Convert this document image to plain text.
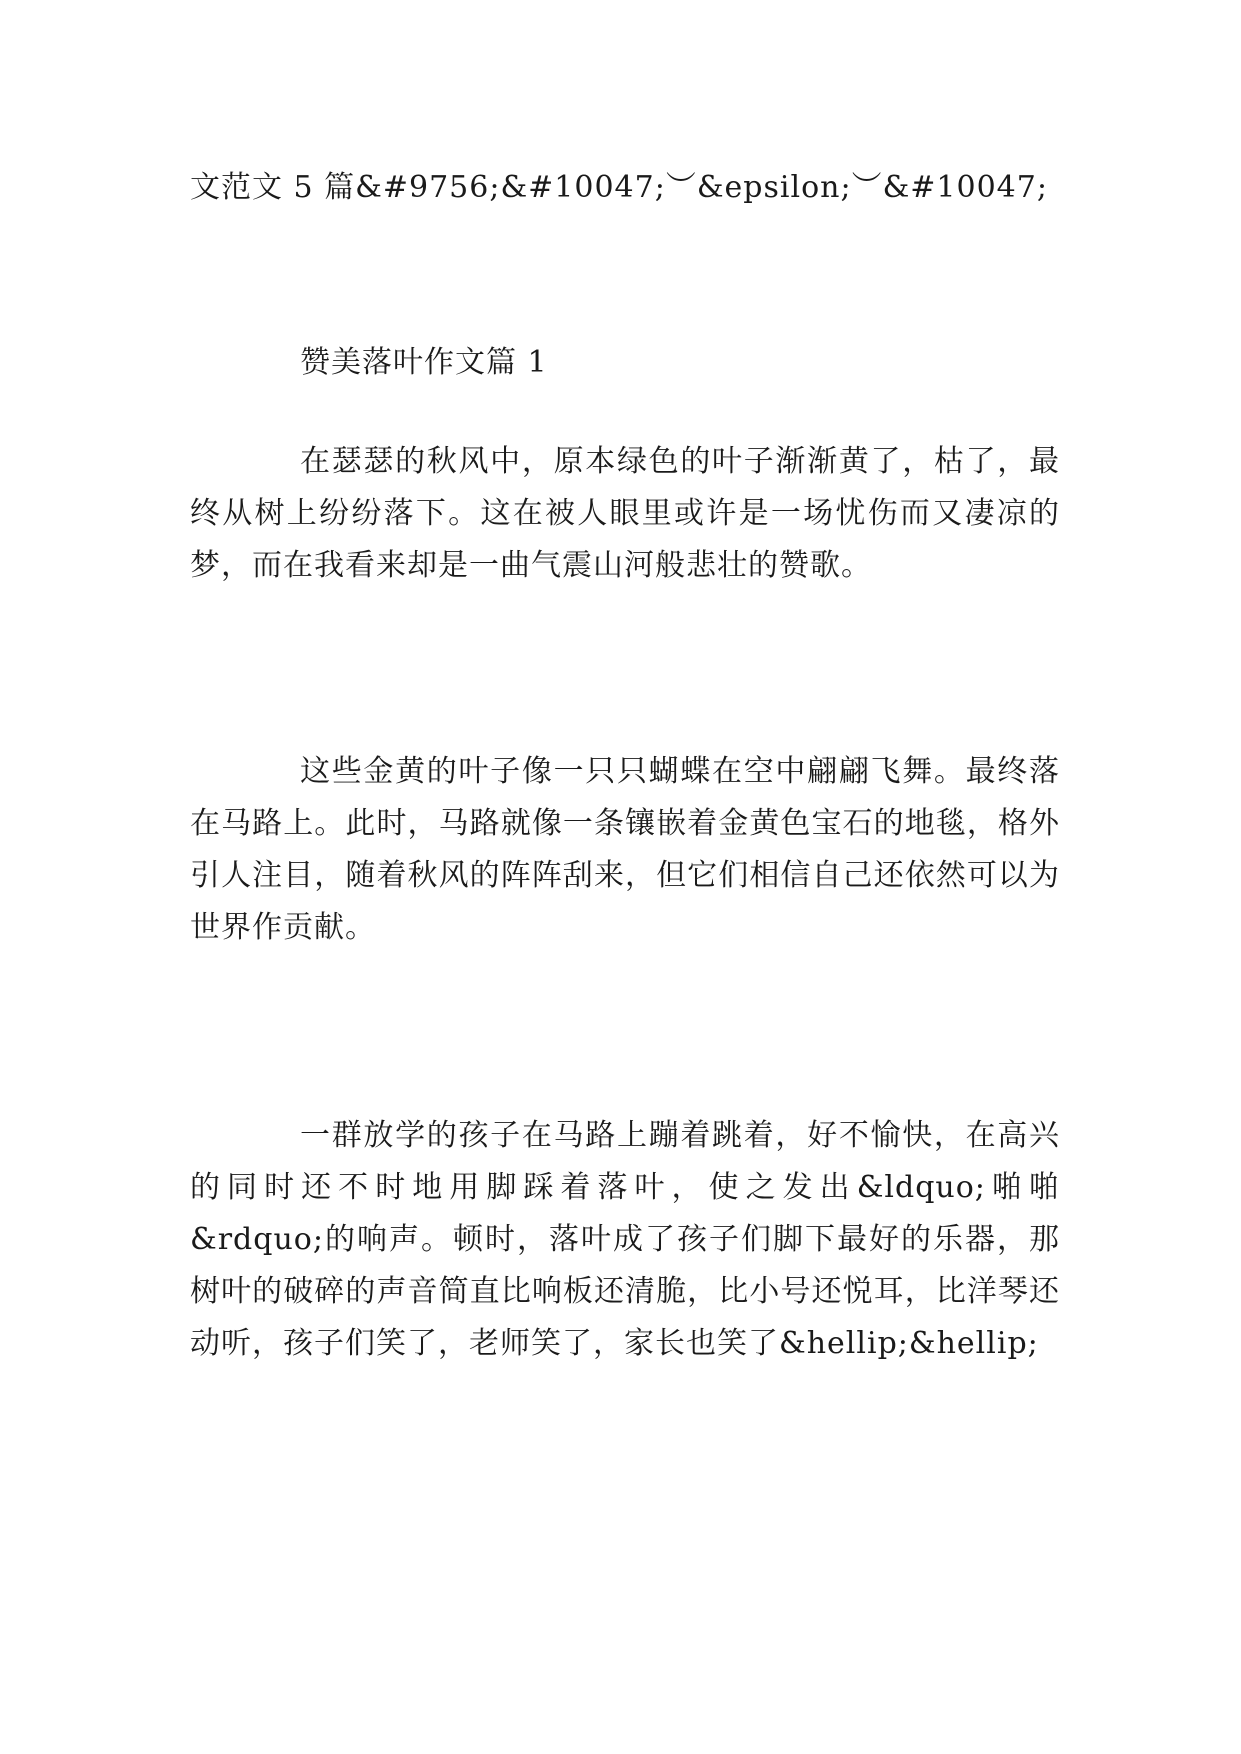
文范文 5 篇&#9756;&#10047;︶&epsilon;︶&#10047;
赞美落叶作文篇 1

在瑟瑟的秋风中，原本绿色的叶子渐渐黄了，枯了，最终从树上纷纷落下。这在被人眼里或许是一场忧伤而又凄凉的梦，而在我看来却是一曲气震山河般悲壮的赞歌。

这些金黄的叶子像一只只蝴蝶在空中翩翩飞舞。最终落在马路上。此时，马路就像一条镶嵌着金黄色宝石的地毯，格外引人注目，随着秋风的阵阵刮来，但它们相信自己还依然可以为世界作贡献。

一群放学的孩子在马路上蹦着跳着，好不愉快，在高兴的同时还不时地用脚踩着落叶，使之发出&ldquo;啪啪&rdquo;的响声。顿时，落叶成了孩子们脚下最好的乐器，那树叶的破碎的声音简直比响板还清脆，比小号还悦耳，比洋琴还动听，孩子们笑了，老师笑了，家长也笑了&hellip;&hellip;
